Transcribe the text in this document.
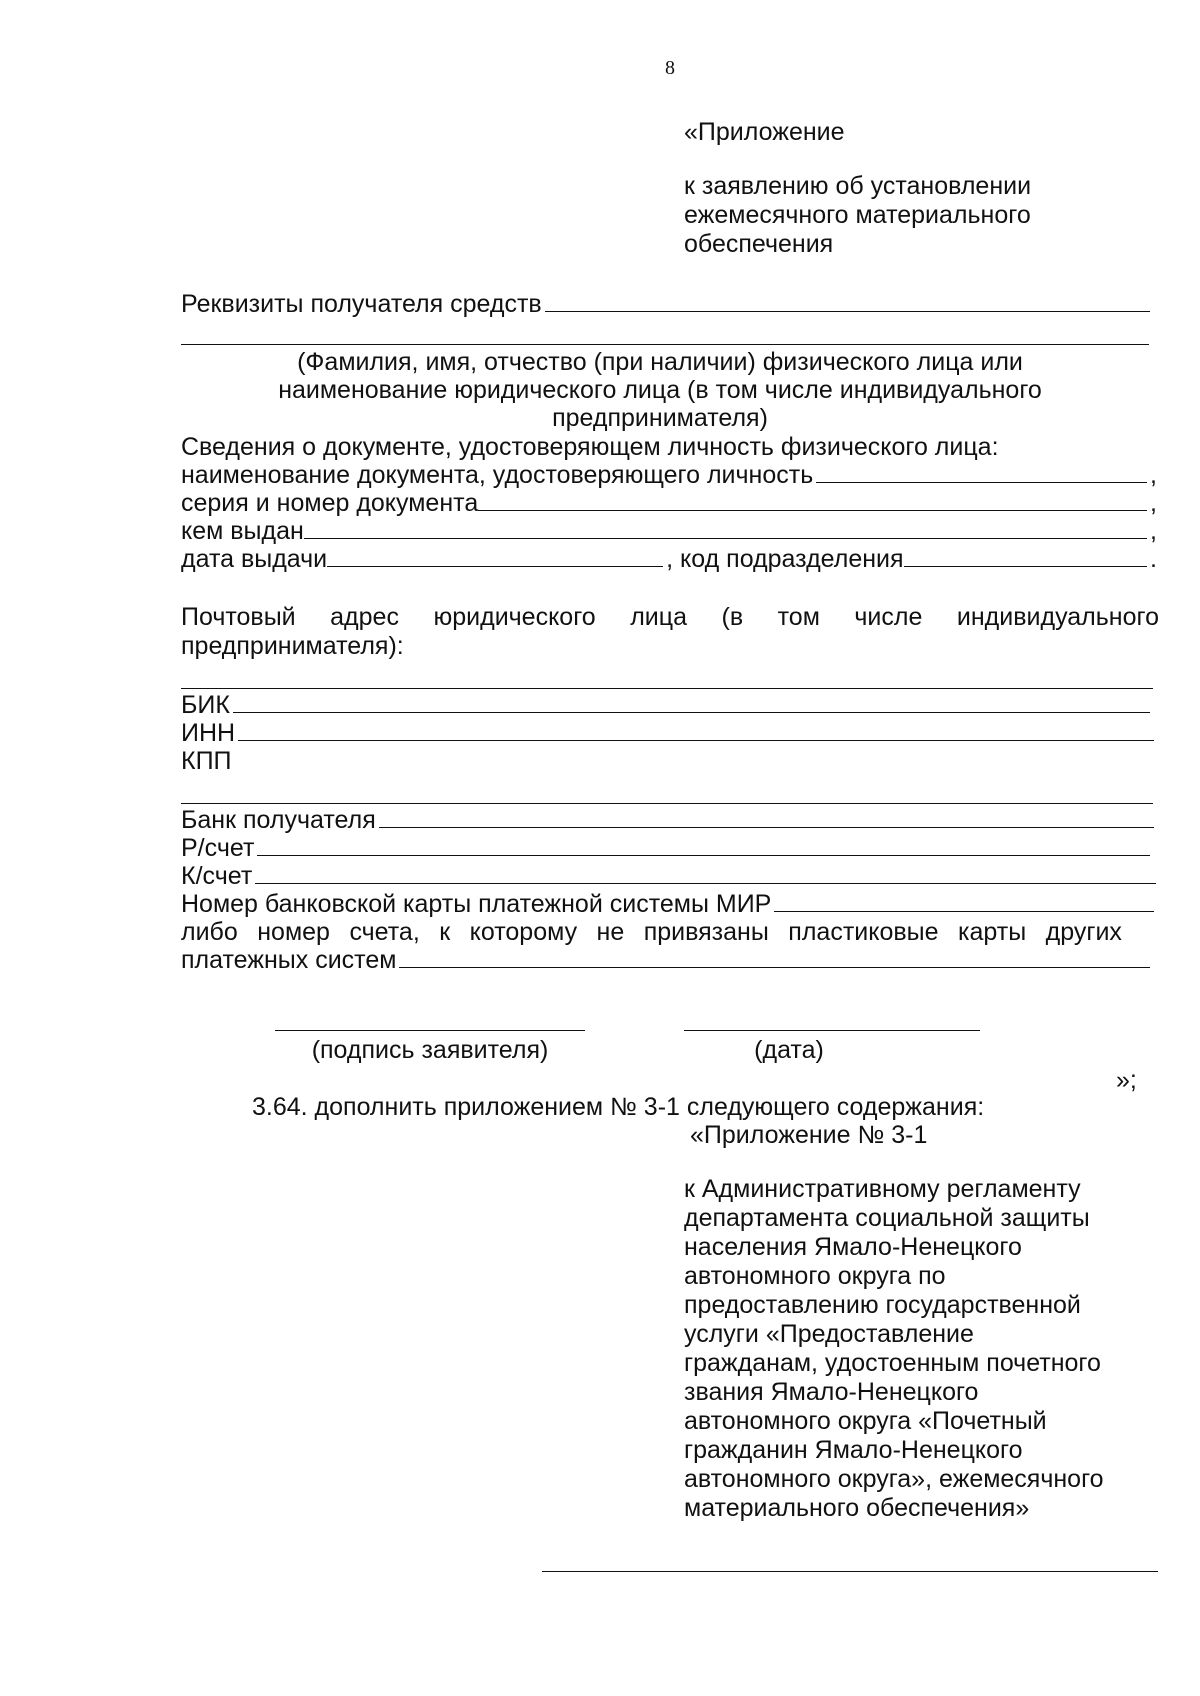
8
«Приложение
к заявлению об установлении
ежемесячного материального
обеспечения
Реквизиты получателя средств
(Фамилия, имя, отчество (при наличии) физического лица или
наименование юридического лица (в том числе индивидуального
предпринимателя)
Сведения о документе, удостоверяющем личность физического лица:
наименование документа, удостоверяющего личность	,
серия и номер документа	,
кем выдан	,
дата выдачи	, код подразделения	.
Почтовый адрес юридического лица (в том числе индивидуального
предпринимателя):
БИК
ИНН
КПП
Банк получателя
Р/счет
К/счет
Номер банковской карты платежной системы МИР
либо номер счета, к которому не привязаны пластиковые карты других
платежных систем
(подпись заявителя)	(дата)
»;
3.64. дополнить приложением № 3-1 следующего содержания:
«Приложение № 3-1
к Административному регламенту
департамента социальной защиты
населения Ямало-Ненецкого
автономного округа по
предоставлению государственной
услуги «Предоставление
гражданам, удостоенным почетного
звания Ямало-Ненецкого
автономного округа «Почетный
гражданин Ямало-Ненецкого
автономного округа», ежемесячного
материального обеспечения»
